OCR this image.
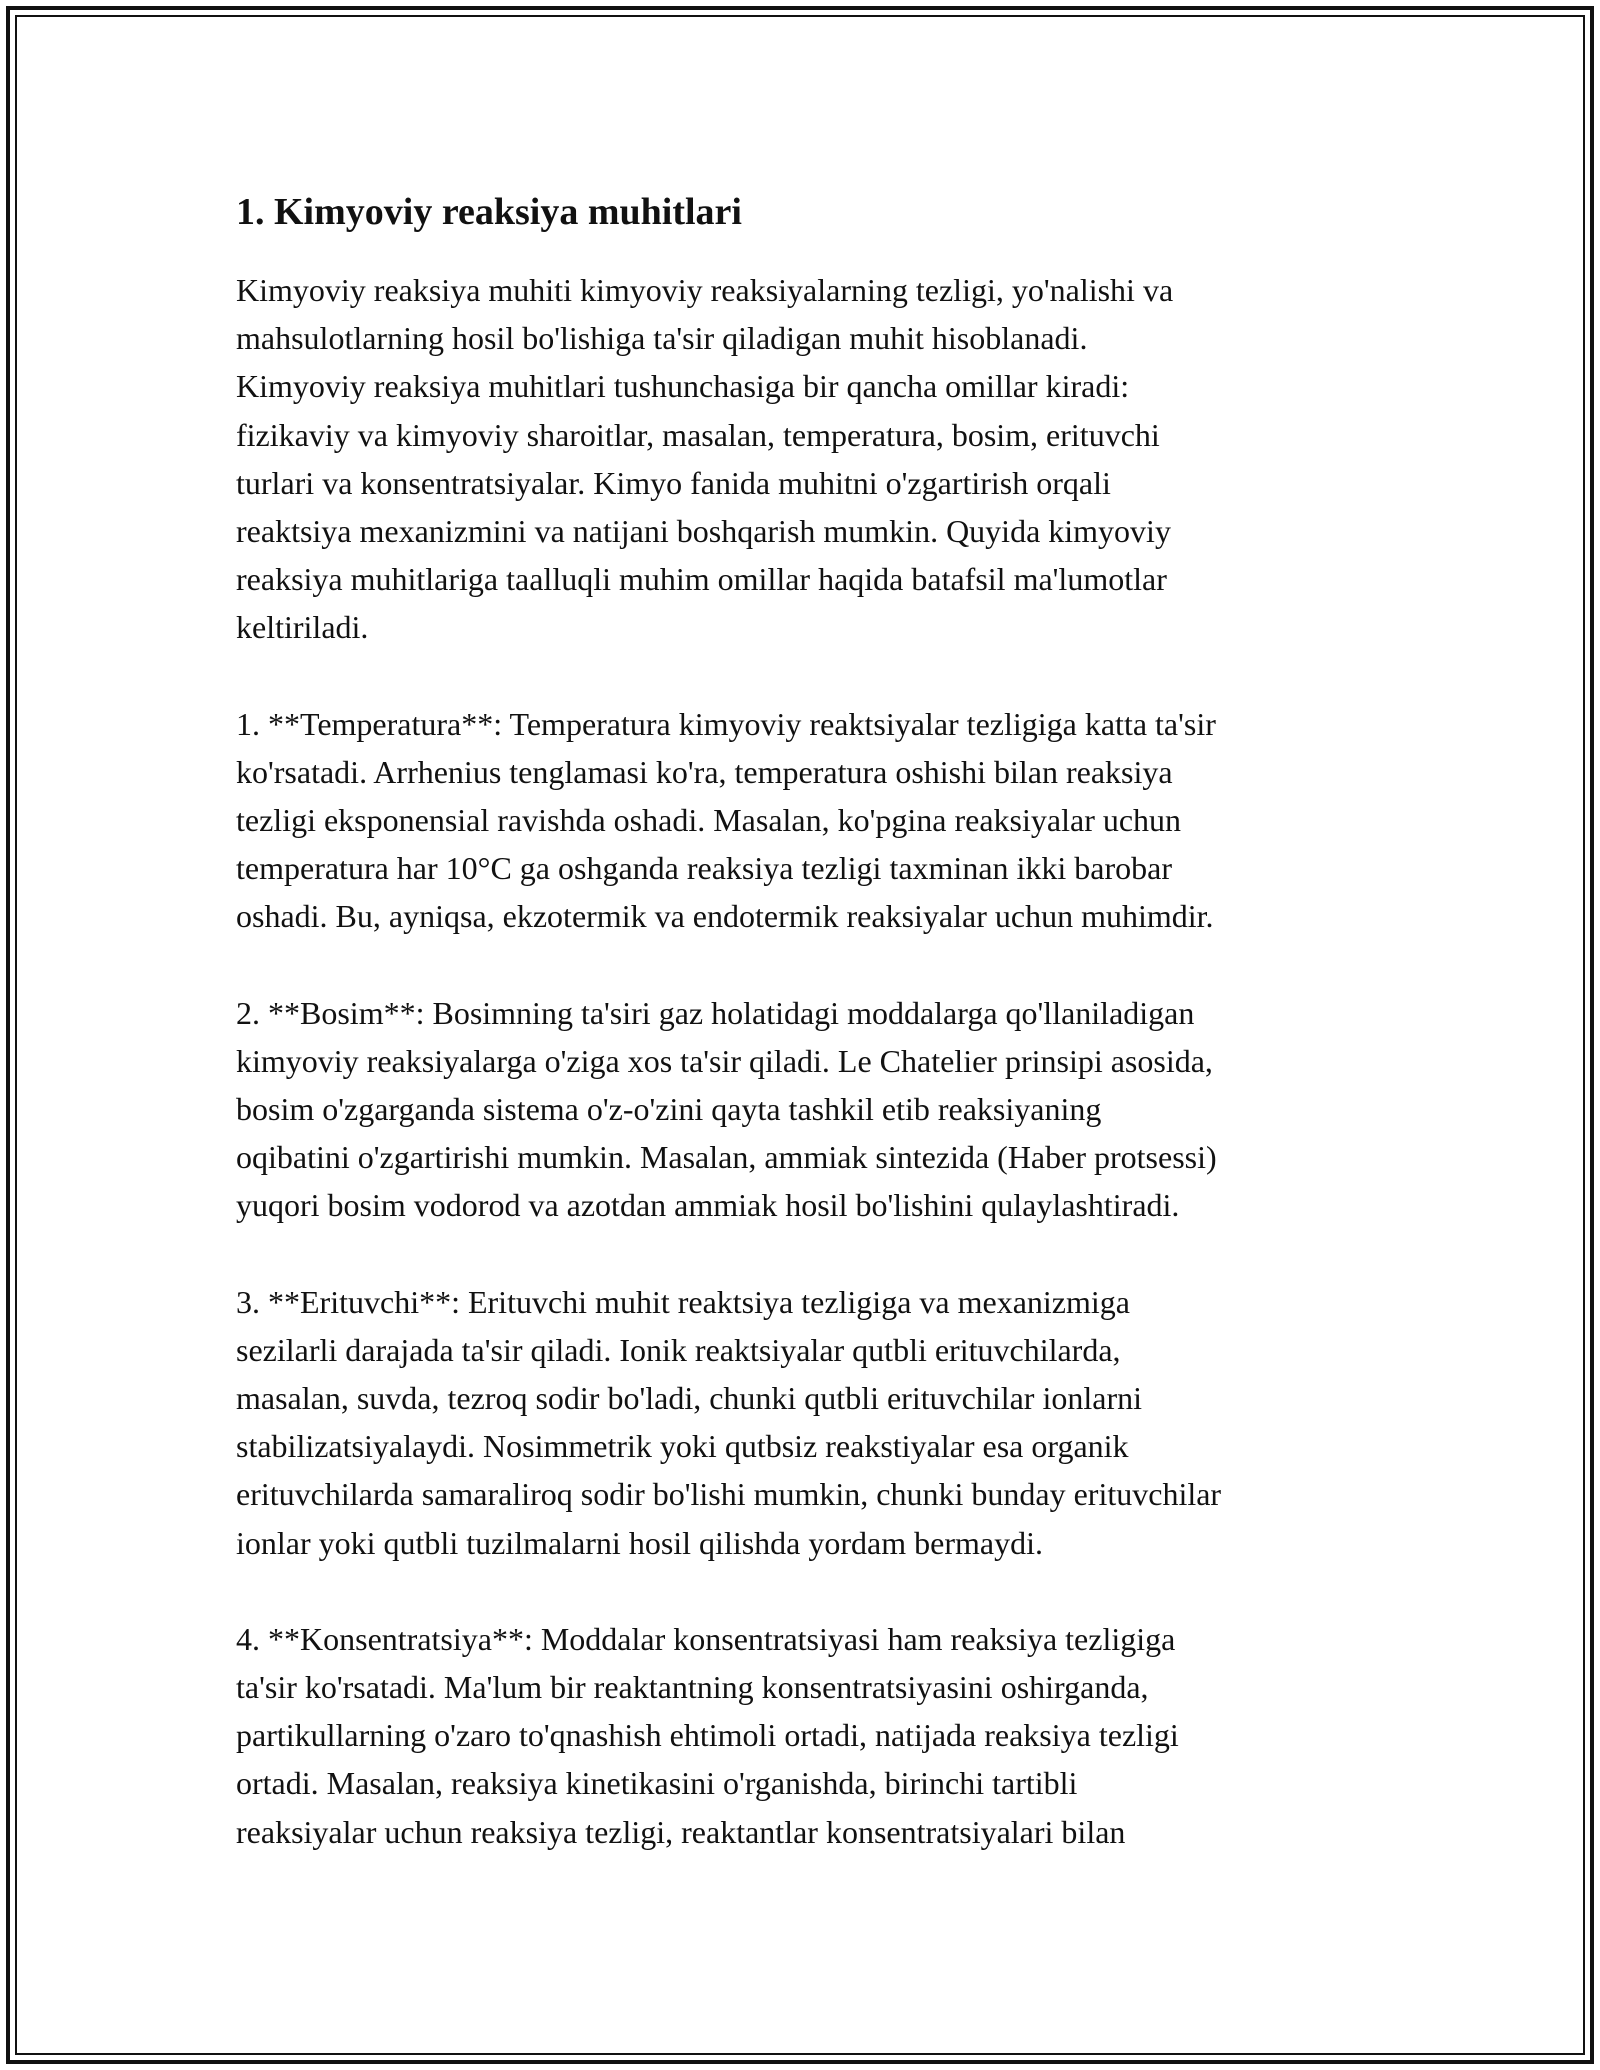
1. Kimyoviy reaksiya muhitlari

Kimyoviy reaksiya muhiti kimyoviy reaksiyalarning tezligi, yo'nalishi va
mahsulotlarning hosil bo'lishiga ta'sir qiladigan muhit hisoblanadi.
Kimyoviy reaksiya muhitlari tushunchasiga bir qancha omillar kiradi:
fizikaviy va kimyoviy sharoitlar, masalan, temperatura, bosim, erituvchi
turlari va konsentratsiyalar. Kimyo fanida muhitni o'zgartirish orqali
reaktsiya mexanizmini va natijani boshqarish mumkin. Quyida kimyoviy
reaksiya muhitlariga taalluqli muhim omillar haqida batafsil ma'lumotlar
keltiriladi.

1. **Temperatura**: Temperatura kimyoviy reaktsiyalar tezligiga katta ta'sir
ko'rsatadi. Arrhenius tenglamasi ko'ra, temperatura oshishi bilan reaksiya
tezligi eksponensial ravishda oshadi. Masalan, ko'pgina reaksiyalar uchun
temperatura har 10°C ga oshganda reaksiya tezligi taxminan ikki barobar
oshadi. Bu, ayniqsa, ekzotermik va endotermik reaksiyalar uchun muhimdir.

2. **Bosim**: Bosimning ta'siri gaz holatidagi moddalarga qo'llaniladigan
kimyoviy reaksiyalarga o'ziga xos ta'sir qiladi. Le Chatelier prinsipi asosida,
bosim o'zgarganda sistema o'z-o'zini qayta tashkil etib reaksiyaning
oqibatini o'zgartirishi mumkin. Masalan, ammiak sintezida (Haber protsessi)
yuqori bosim vodorod va azotdan ammiak hosil bo'lishini qulaylashtiradi.

3. **Erituvchi**: Erituvchi muhit reaktsiya tezligiga va mexanizmiga
sezilarli darajada ta'sir qiladi. Ionik reaktsiyalar qutbli erituvchilarda,
masalan, suvda, tezroq sodir bo'ladi, chunki qutbli erituvchilar ionlarni
stabilizatsiyalaydi. Nosimmetrik yoki qutbsiz reakstiyalar esa organik
erituvchilarda samaraliroq sodir bo'lishi mumkin, chunki bunday erituvchilar
ionlar yoki qutbli tuzilmalarni hosil qilishda yordam bermaydi.

4. **Konsentratsiya**: Moddalar konsentratsiyasi ham reaksiya tezligiga
ta'sir ko'rsatadi. Ma'lum bir reaktantning konsentratsiyasini oshirganda,
partikullarning o'zaro to'qnashish ehtimoli ortadi, natijada reaksiya tezligi
ortadi. Masalan, reaksiya kinetikasini o'rganishda, birinchi tartibli
reaksiyalar uchun reaksiya tezligi, reaktantlar konsentratsiyalari bilan
